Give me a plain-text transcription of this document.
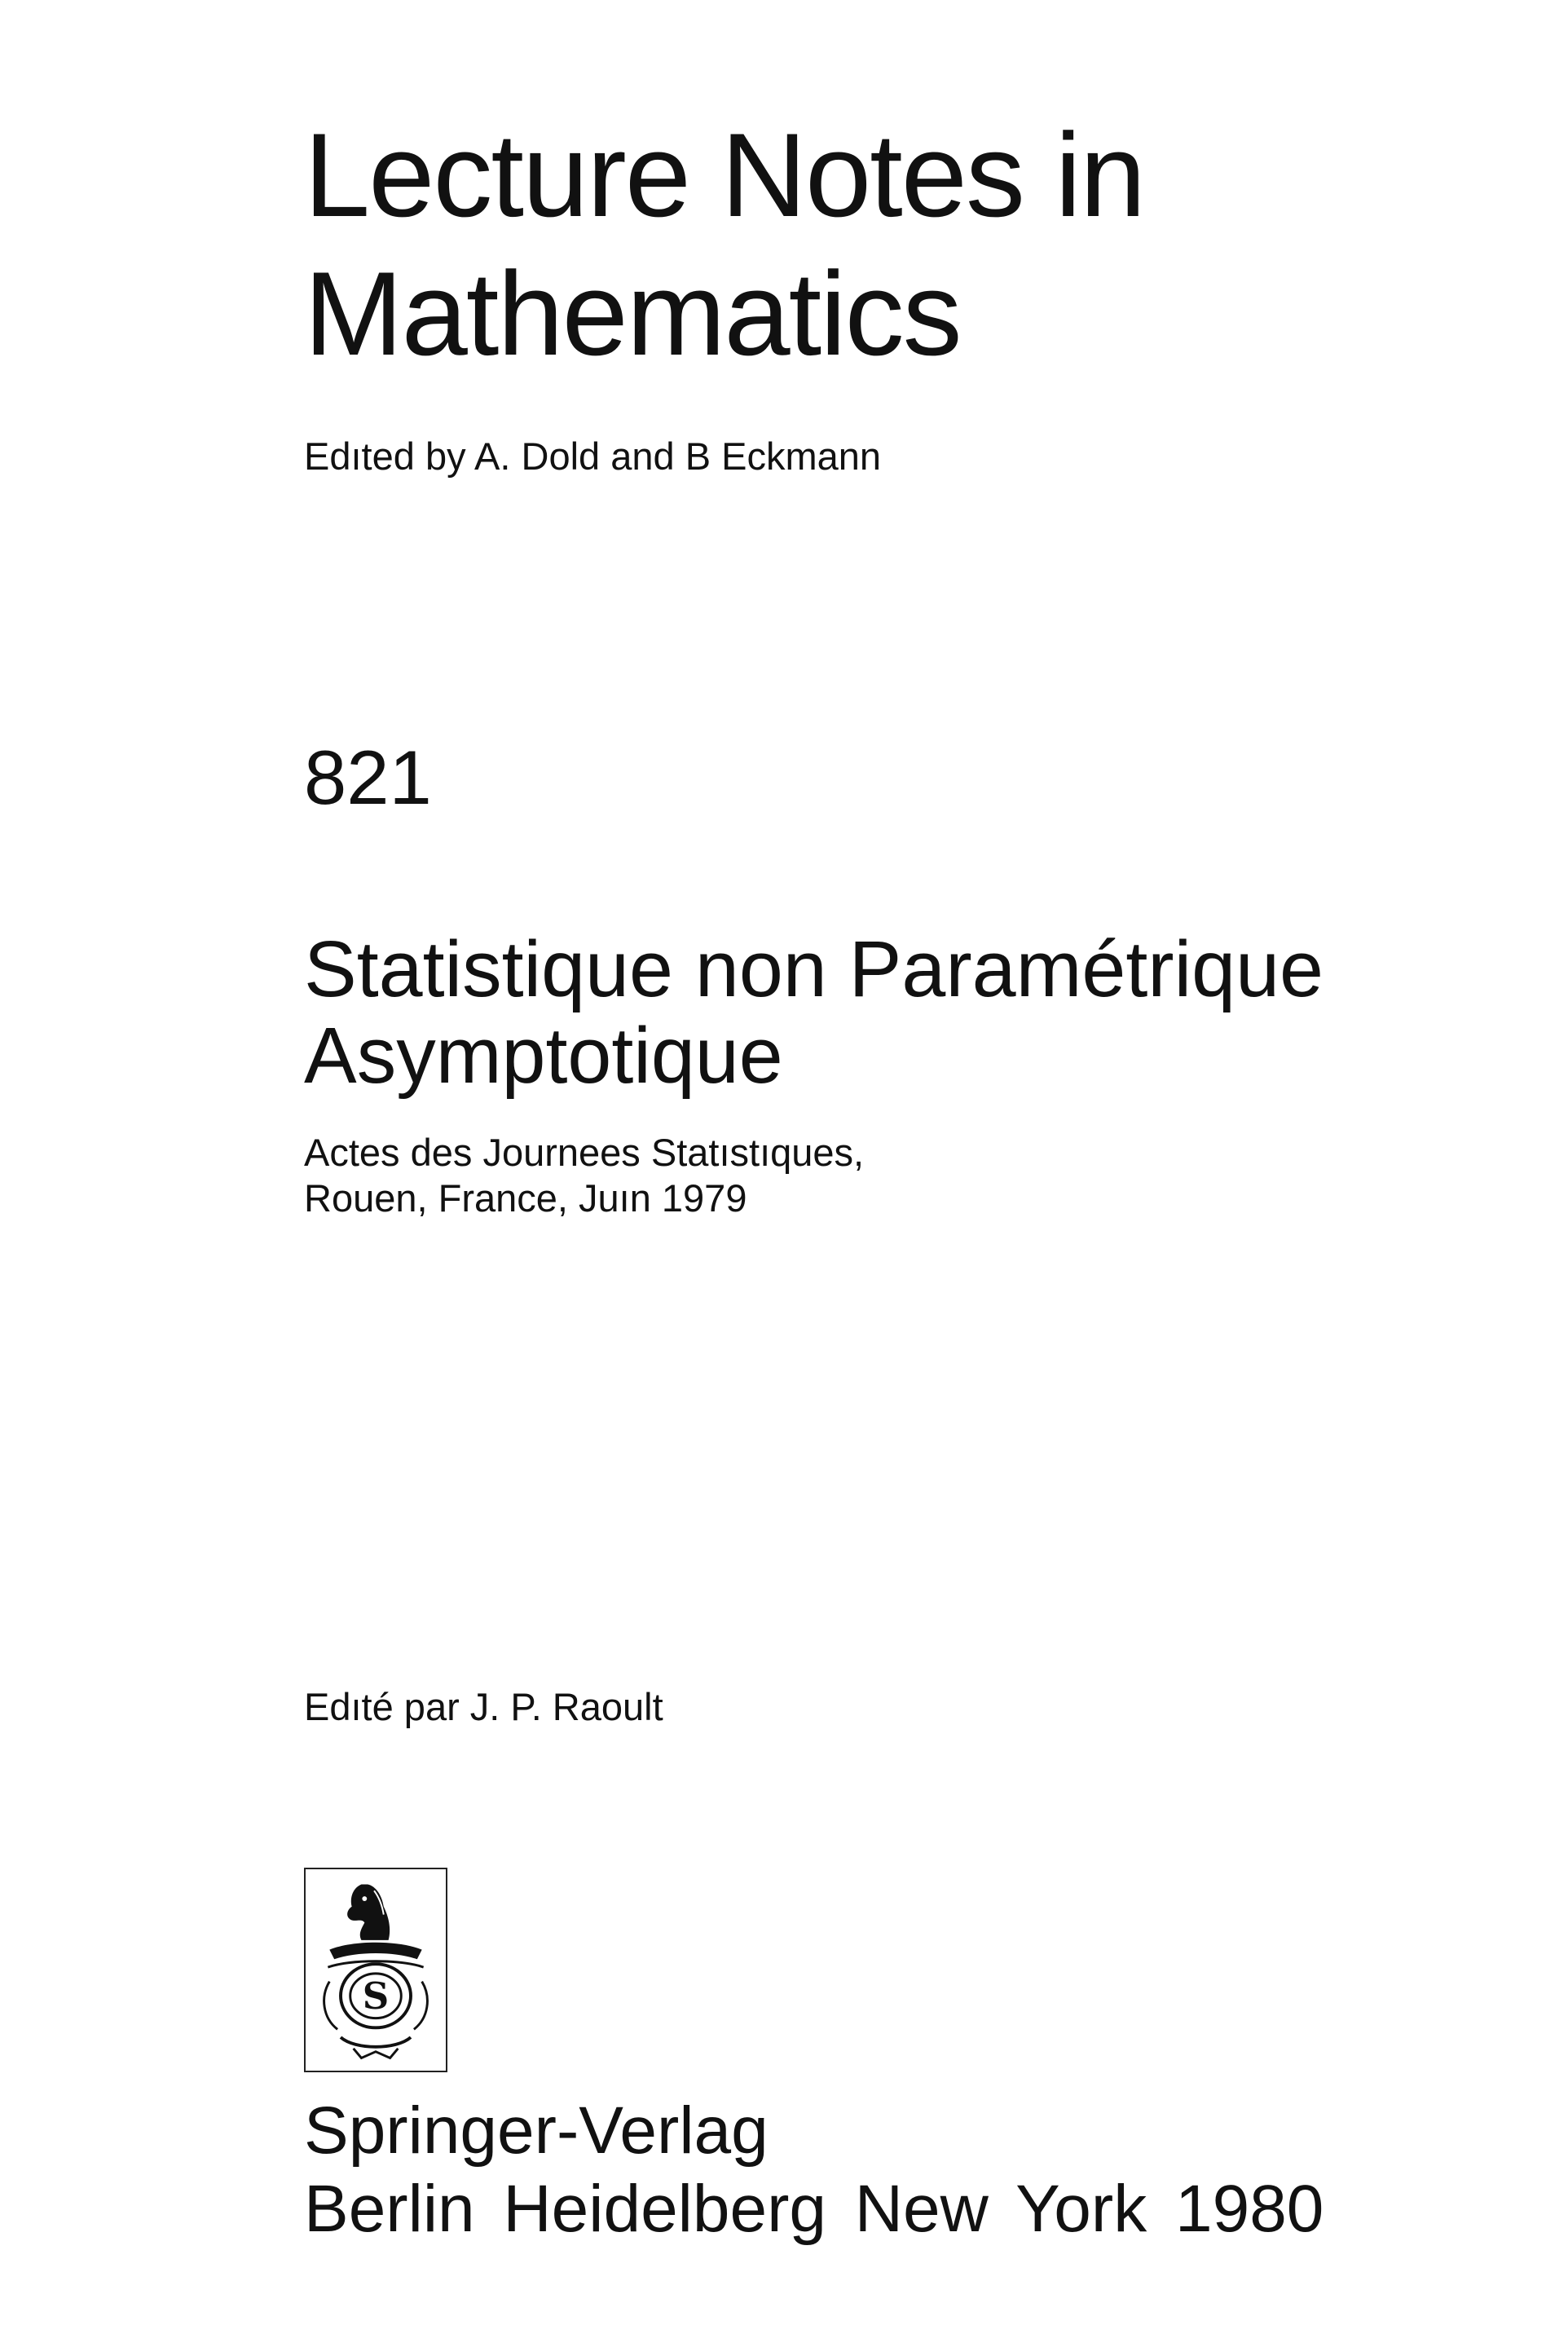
Lecture Notes in
Mathematics

Edıted by A. Dold and B Eckmann

821

Statistique non Paramétrique
Asymptotique

Actes des Journees Statıstıques,
Rouen, France, Juın 1979

Edıté par J. P. Raoult

S

Springer-Verlag

Berlin Heidelberg New York 1980
